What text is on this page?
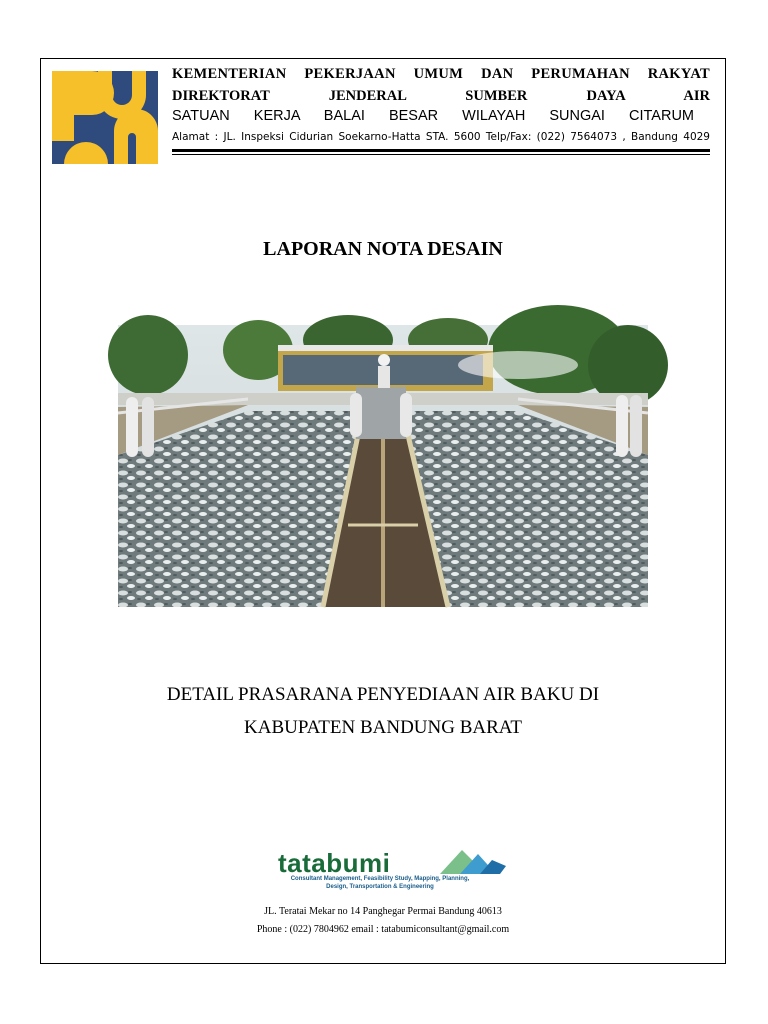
KEMENTERIAN PEKERJAAN UMUM DAN PERUMAHAN RAKYAT
DIREKTORAT JENDERAL SUMBER DAYA AIR
SATUAN KERJA BALAI BESAR WILAYAH SUNGAI CITARUM
Alamat : JL. Inspeksi Cidurian Soekarno-Hatta STA. 5600 Telp/Fax: (022) 7564073 , Bandung 4029
LAPORAN NOTA DESAIN
DETAIL PRASARANA PENYEDIAAN AIR BAKU DI
KABUPATEN BANDUNG BARAT
tatabumi
Consultant Management, Feasibility Study, Mapping, Planning, Design, Transportation & Engineering
JL. Teratai Mekar no 14 Panghegar Permai Bandung 40613
Phone : (022) 7804962 email : tatabumiconsultant@gmail.com
